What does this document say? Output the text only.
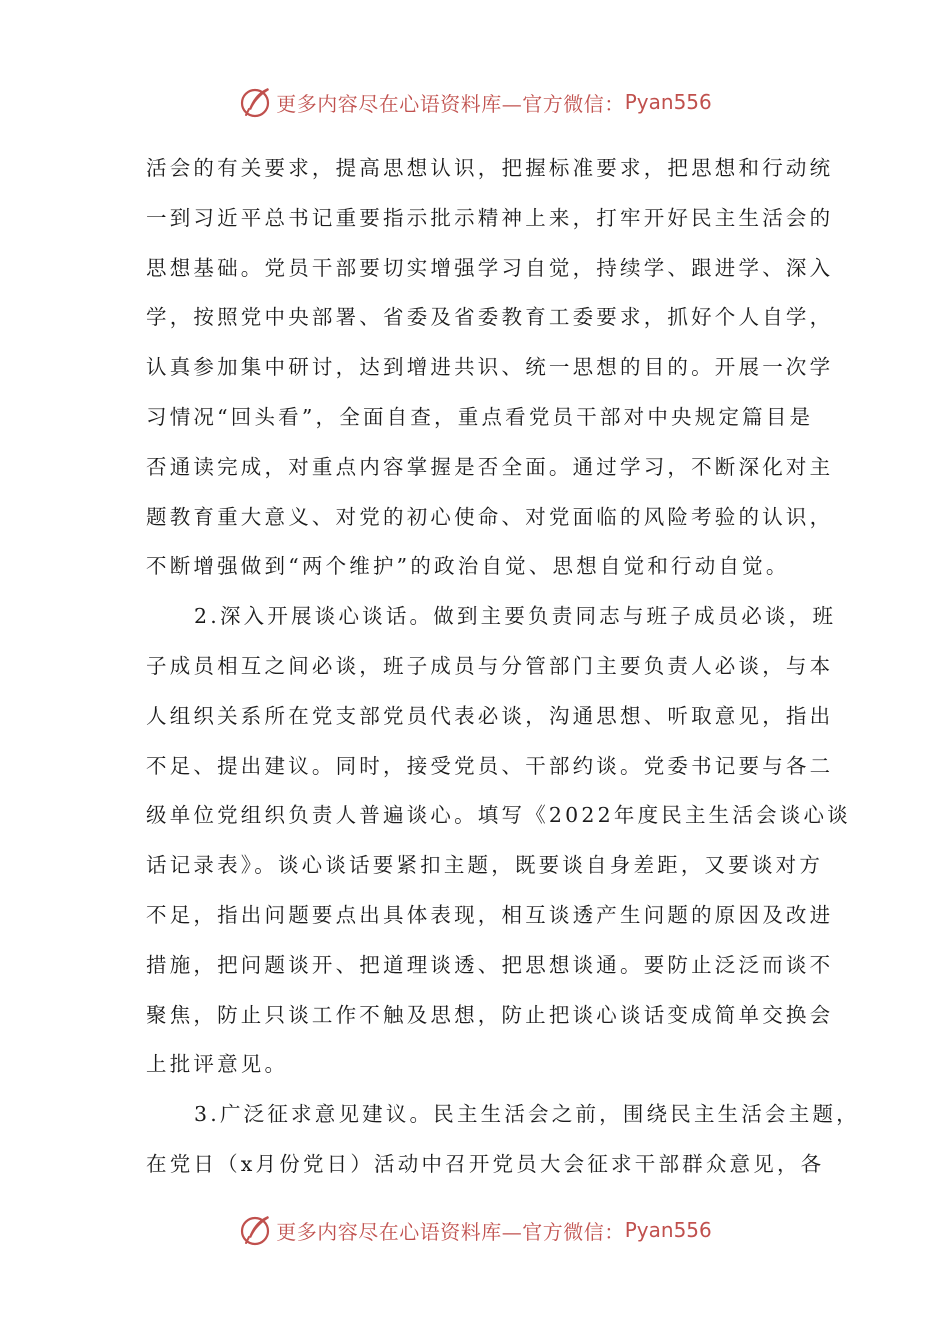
更多内容尽在心语资料库—官方微信： Pyan556
活会的有关要求，提高思想认识，把握标准要求，把思想和行动统
一到习近平总书记重要指示批示精神上来，打牢开好民主生活会的
思想基础。党员干部要切实增强学习自觉，持续学、跟进学、深入
学，按照党中央部署、省委及省委教育工委要求，抓好个人自学，
认真参加集中研讨，达到增进共识、统一思想的目的。开展一次学
习情况“回头看”，全面自查，重点看党员干部对中央规定篇目是
否通读完成，对重点内容掌握是否全面。通过学习，不断深化对主
题教育重大意义、对党的初心使命、对党面临的风险考验的认识，
不断增强做到“两个维护”的政治自觉、思想自觉和行动自觉。
2.深入开展谈心谈话。做到主要负责同志与班子成员必谈，班
子成员相互之间必谈，班子成员与分管部门主要负责人必谈，与本
人组织关系所在党支部党员代表必谈，沟通思想、听取意见，指出
不足、提出建议。同时，接受党员、干部约谈。党委书记要与各二
级单位党组织负责人普遍谈心。填写《2022年度民主生活会谈心谈
话记录表》。谈心谈话要紧扣主题，既要谈自身差距，又要谈对方
不足，指出问题要点出具体表现，相互谈透产生问题的原因及改进
措施，把问题谈开、把道理谈透、把思想谈通。要防止泛泛而谈不
聚焦，防止只谈工作不触及思想，防止把谈心谈话变成简单交换会
上批评意见。
3.广泛征求意见建议。民主生活会之前，围绕民主生活会主题，
在党日（x月份党日）活动中召开党员大会征求干部群众意见，各
更多内容尽在心语资料库—官方微信： Pyan556
